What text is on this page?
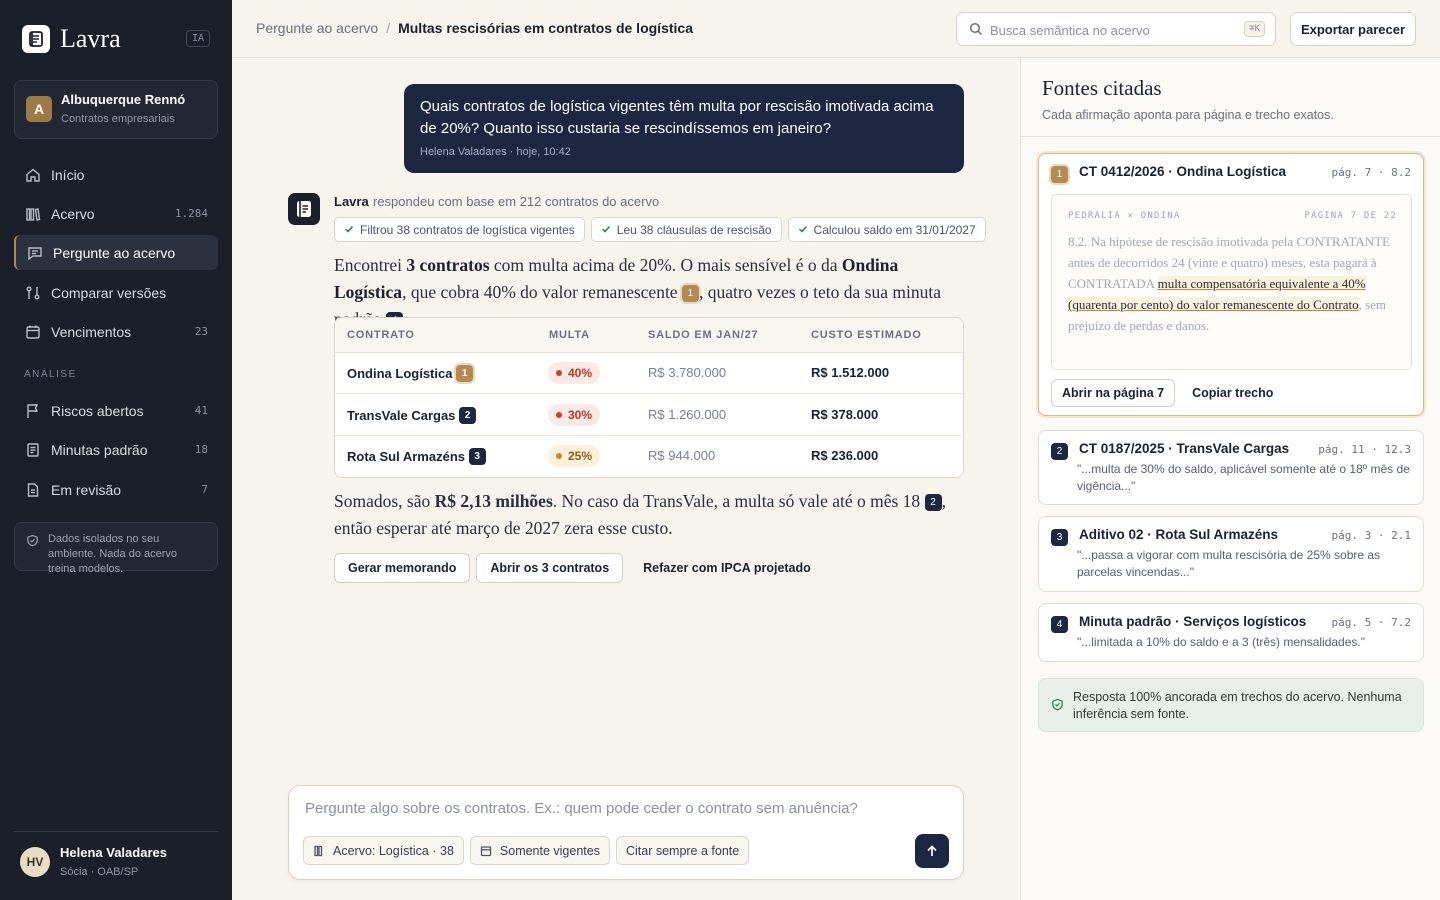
Lavra	IA
A
Albuquerque Rennó
Contratos empresariais
Início
Acervo	1.284
Pergunte ao acervo
Comparar versões
Vencimentos	23
ANÁLISE
Riscos abertos	41
Minutas padrão	18
Em revisão	7
Dados isolados no seu ambiente. Nada do acervo treina modelos.
HV
Helena Valadares
Sócia · OAB/SP
Pergunte ao acervo / Multas rescisórias em contratos de logística
Busca semântica no acervo	⌘K	Exportar parecer
Quais contratos de logística vigentes têm multa por rescisão imotivada acima de 20%? Quanto isso custaria se rescindíssemos em janeiro?
Helena Valadares · hoje, 10:42
Lavra respondeu com base em 212 contratos do acervo
Filtrou 38 contratos de logística vigentes	Leu 38 cláusulas de rescisão	Calculou saldo em 31/01/2027

Encontrei 3 contratos com multa acima de 20%. O mais sensível é o da Ondina Logística, que cobra 40% do valor remanescente 1 , quatro vezes o teto da sua minuta

CONTRATO	MULTA	SALDO EM JAN/27	CUSTO ESTIMADO
Ondina Logística 1	40%	R$ 3.780.000	R$ 1.512.000
TransVale Cargas 2	30%	R$ 1.260.000	R$ 378.000
Rota Sul Armazéns 3	25%	R$ 944.000	R$ 236.000

Somados, são R$ 2,13 milhões. No caso da TransVale, a multa só vale até o mês 18 2 , então esperar até março de 2027 zera esse custo.

Gerar memorando	Abrir os 3 contratos	Refazer com IPCA projetado
Pergunte algo sobre os contratos. Ex.: quem pode ceder o contrato sem anuência?
Acervo: Logística · 38	Somente vigentes Citar sempre a fonte
Fontes citadas
Cada afirmação aponta para página e trecho exatos.
1	CT 0412/2026 · Ondina Logística	pág. 7 · 8.2
PEDRÁLIA × ONDINA	PÁGINA 7 DE 22
8.2. Na hipótese de rescisão imotivada pela CONTRATANTE antes de decorridos 24 (vinte e quatro) meses, esta pagará à CONTRATADA multa compensatória equivalente a 40% (quarenta por cento) do valor remanescente do Contrato, sem prejuízo de perdas e danos.
Abrir na página 7	Copiar trecho
2	CT 0187/2025 · TransVale Cargas	pág. 11 · 12.3
"...multa de 30% do saldo, aplicável somente até o 18º mês de vigência..."
3	Aditivo 02 · Rota Sul Armazéns	pág. 3 · 2.1
"...passa a vigorar com multa rescisória de 25% sobre as parcelas vincendas..."
4	Minuta padrão · Serviços logísticos pág. 5 · 7.2
"...limitada a 10% do saldo e a 3 (três) mensalidades."
Resposta 100% ancorada em trechos do acervo. Nenhuma inferência sem fonte.
